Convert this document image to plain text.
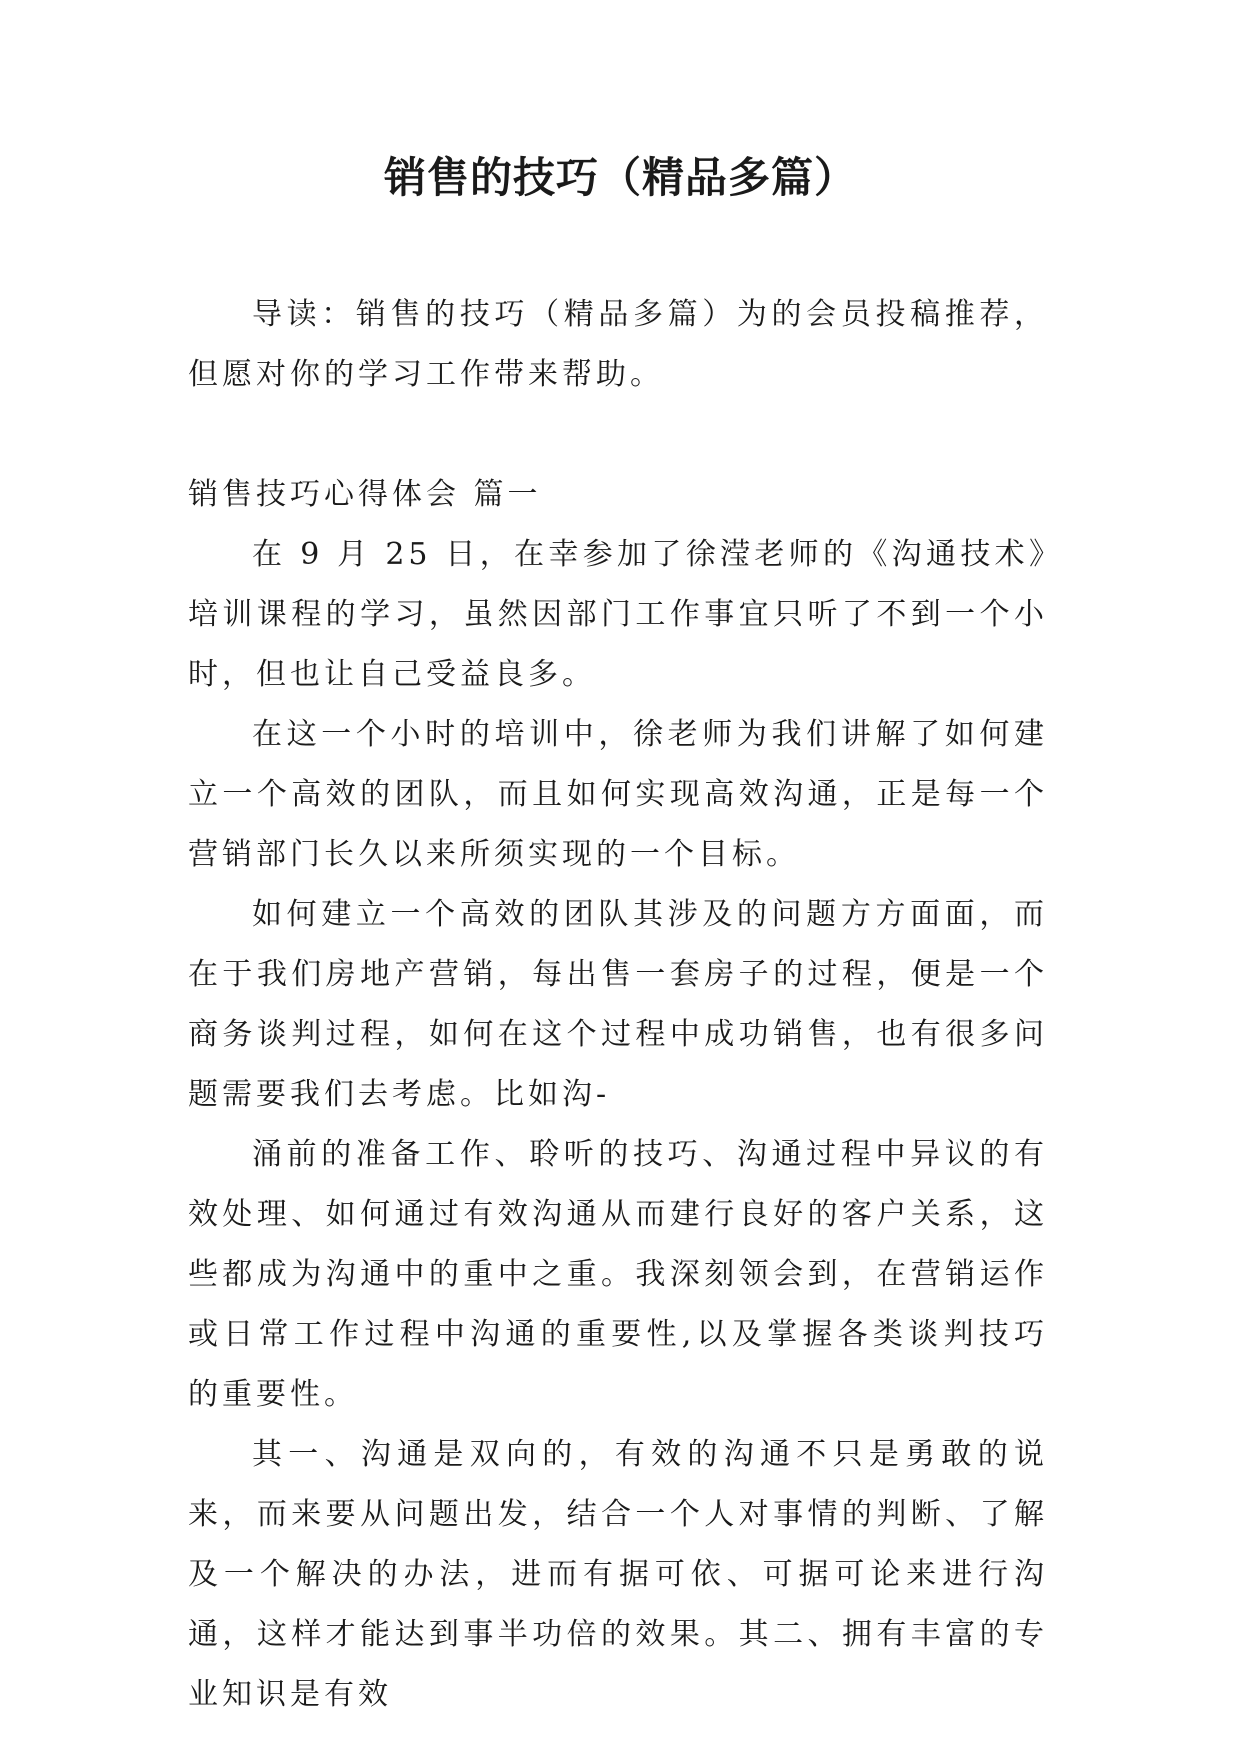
销售的技巧（精品多篇）

导读：销售的技巧（精品多篇）为的会员投稿推荐，但愿对你的学习工作带来帮助。

销售技巧心得体会 篇一

在 9 月 25 日，在幸参加了徐滢老师的《沟通技术》培训课程的学习，虽然因部门工作事宜只听了不到一个小时，但也让自己受益良多。

在这一个小时的培训中，徐老师为我们讲解了如何建立一个高效的团队，而且如何实现高效沟通，正是每一个营销部门长久以来所须实现的一个目标。

如何建立一个高效的团队其涉及的问题方方面面，而在于我们房地产营销，每出售一套房子的过程，便是一个商务谈判过程，如何在这个过程中成功销售，也有很多问题需要我们去考虑。比如沟-

涌前的准备工作、聆听的技巧、沟通过程中异议的有效处理、如何通过有效沟通从而建行良好的客户关系，这些都成为沟通中的重中之重。我深刻领会到，在营销运作或日常工作过程中沟通的重要性,以及掌握各类谈判技巧的重要性。

其一、沟通是双向的，有效的沟通不只是勇敢的说来，而来要从问题出发，结合一个人对事情的判断、了解及一个解决的办法，进而有据可依、可据可论来进行沟通，这样才能达到事半功倍的效果。其二、拥有丰富的专业知识是有效
